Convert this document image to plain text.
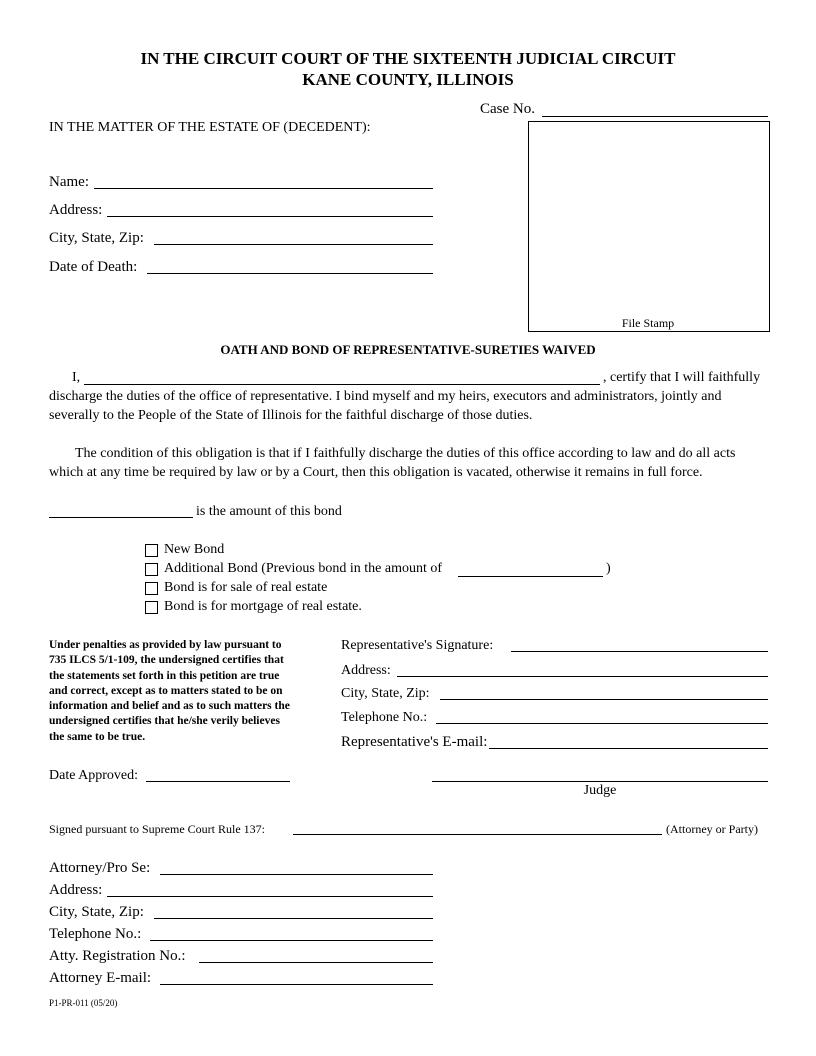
IN THE CIRCUIT COURT OF THE SIXTEENTH JUDICIAL CIRCUIT
KANE COUNTY, ILLINOIS
Case No.
IN THE MATTER OF THE ESTATE OF (DECEDENT):
File Stamp
Name:
Address:
City, State, Zip:
Date of Death:
OATH AND BOND OF REPRESENTATIVE-SURETIES WAIVED
I,	, certify that I will faithfully
discharge the duties of the office of representative. I bind myself and my heirs, executors and administrators, jointly and
severally to the People of the State of Illinois for the faithful discharge of those duties.
The condition of this obligation is that if I faithfully discharge the duties of this office according to law and do all acts
which at any time be required by law or by a Court, then this obligation is vacated, otherwise it remains in full force.
is the amount of this bond
New Bond
Additional Bond (Previous bond in the amount of	)
Bond is for sale of real estate
Bond is for mortgage of real estate.
Under penalties as provided by law pursuant to
735 ILCS 5/1-109, the undersigned certifies that
the statements set forth in this petition are true
and correct, except as to matters stated to be on
information and belief and as to such matters the
undersigned certifies that he/she verily believes
the same to be true.
Representative's Signature:
Address:
City, State, Zip:
Telephone No.:
Representative's E-mail:
Date Approved:
Judge
Signed pursuant to Supreme Court Rule 137:	(Attorney or Party)
Attorney/Pro Se:
Address:
City, State, Zip:
Telephone No.:
Atty. Registration No.:
Attorney E-mail:
P1-PR-011 (05/20)
